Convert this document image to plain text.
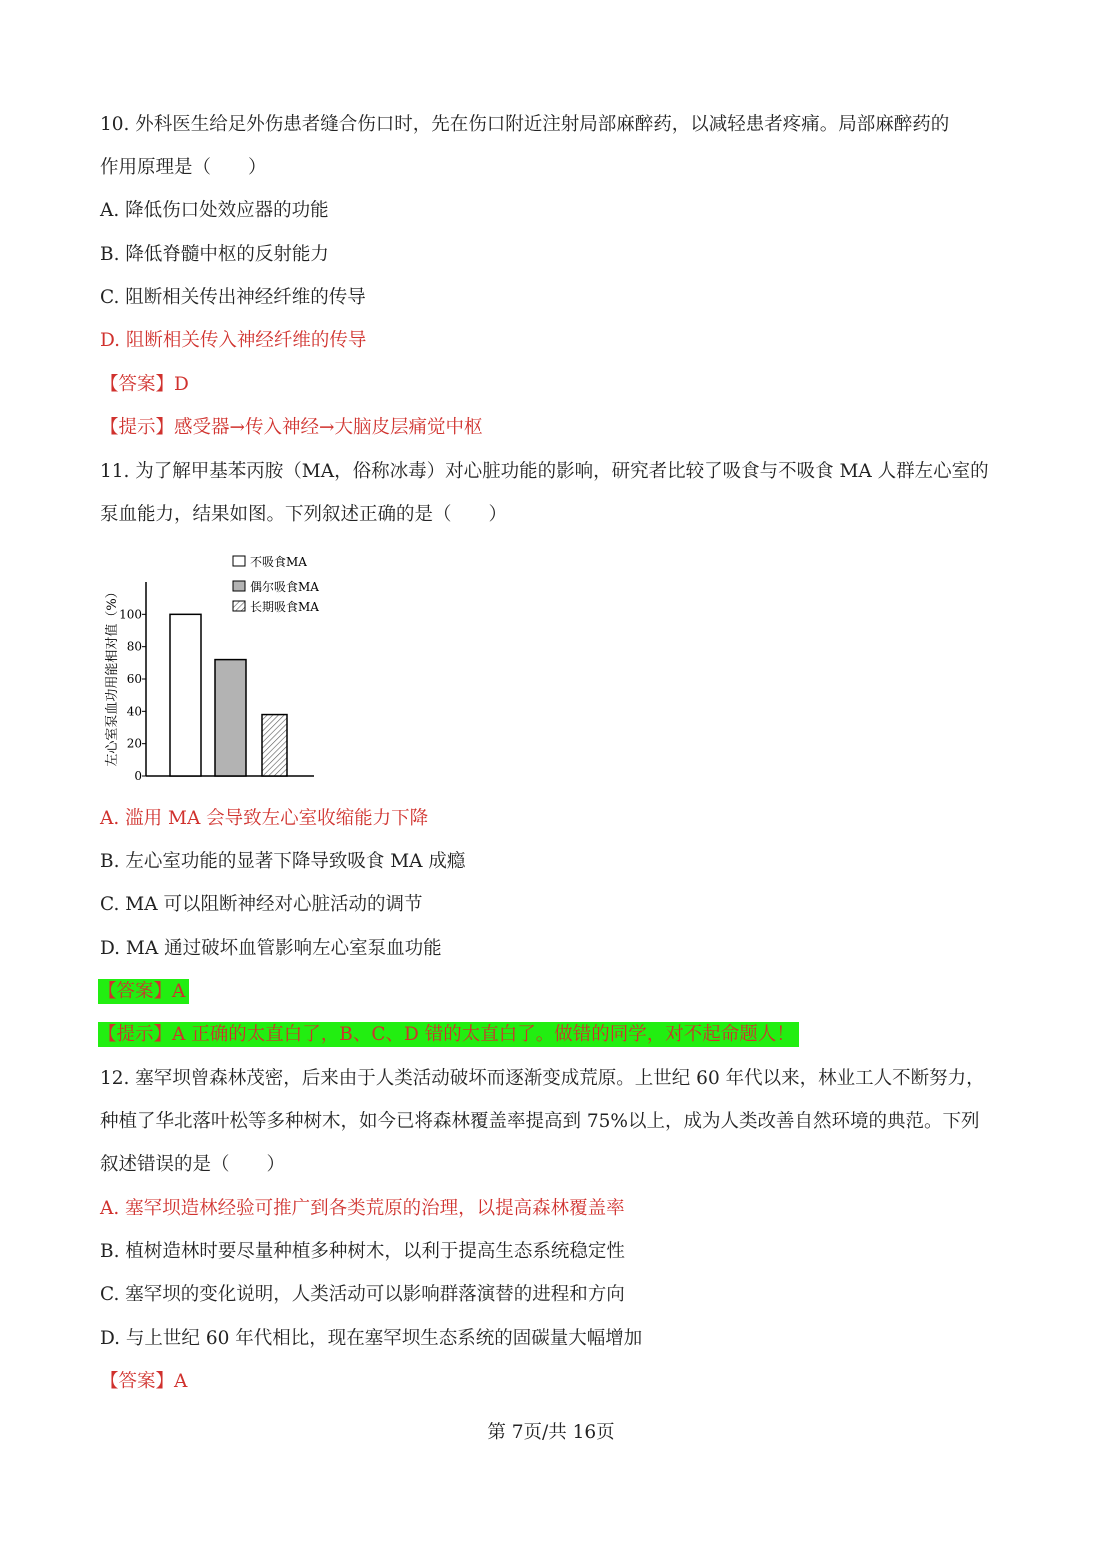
10. 外科医生给足外伤患者缝合伤口时，先在伤口附近注射局部麻醉药，以减轻患者疼痛。局部麻醉药的
作用原理是（　　）
A. 降低伤口处效应器的功能
B. 降低脊髓中枢的反射能力
C. 阻断相关传出神经纤维的传导
D. 阻断相关传入神经纤维的传导
【答案】D
【提示】感受器→传入神经→大脑皮层痛觉中枢
11. 为了解甲基苯丙胺（MA，俗称冰毒）对心脏功能的影响，研究者比较了吸食与不吸食 MA 人群左心室的
泵血能力，结果如图。下列叙述正确的是（　　）
左心室泵血功用能相对值（%）
0
20
40
60
80
100
不吸食MA
偶尔吸食MA
长期吸食MA
A. 滥用 MA 会导致左心室收缩能力下降
B. 左心室功能的显著下降导致吸食 MA 成瘾
C. MA 可以阻断神经对心脏活动的调节
D. MA 通过破坏血管影响左心室泵血功能
【答案】A
【提示】A 正确的太直白了，B、C、D 错的太直白了。做错的同学，对不起命题人！
12. 塞罕坝曾森林茂密，后来由于人类活动破坏而逐渐变成荒原。上世纪 60 年代以来，林业工人不断努力，
种植了华北落叶松等多种树木，如今已将森林覆盖率提高到 75%以上，成为人类改善自然环境的典范。下列
叙述错误的是（　　）
A. 塞罕坝造林经验可推广到各类荒原的治理，以提高森林覆盖率
B. 植树造林时要尽量种植多种树木，以利于提高生态系统稳定性
C. 塞罕坝的变化说明，人类活动可以影响群落演替的进程和方向
D. 与上世纪 60 年代相比，现在塞罕坝生态系统的固碳量大幅增加
【答案】A
第 7页/共 16页
